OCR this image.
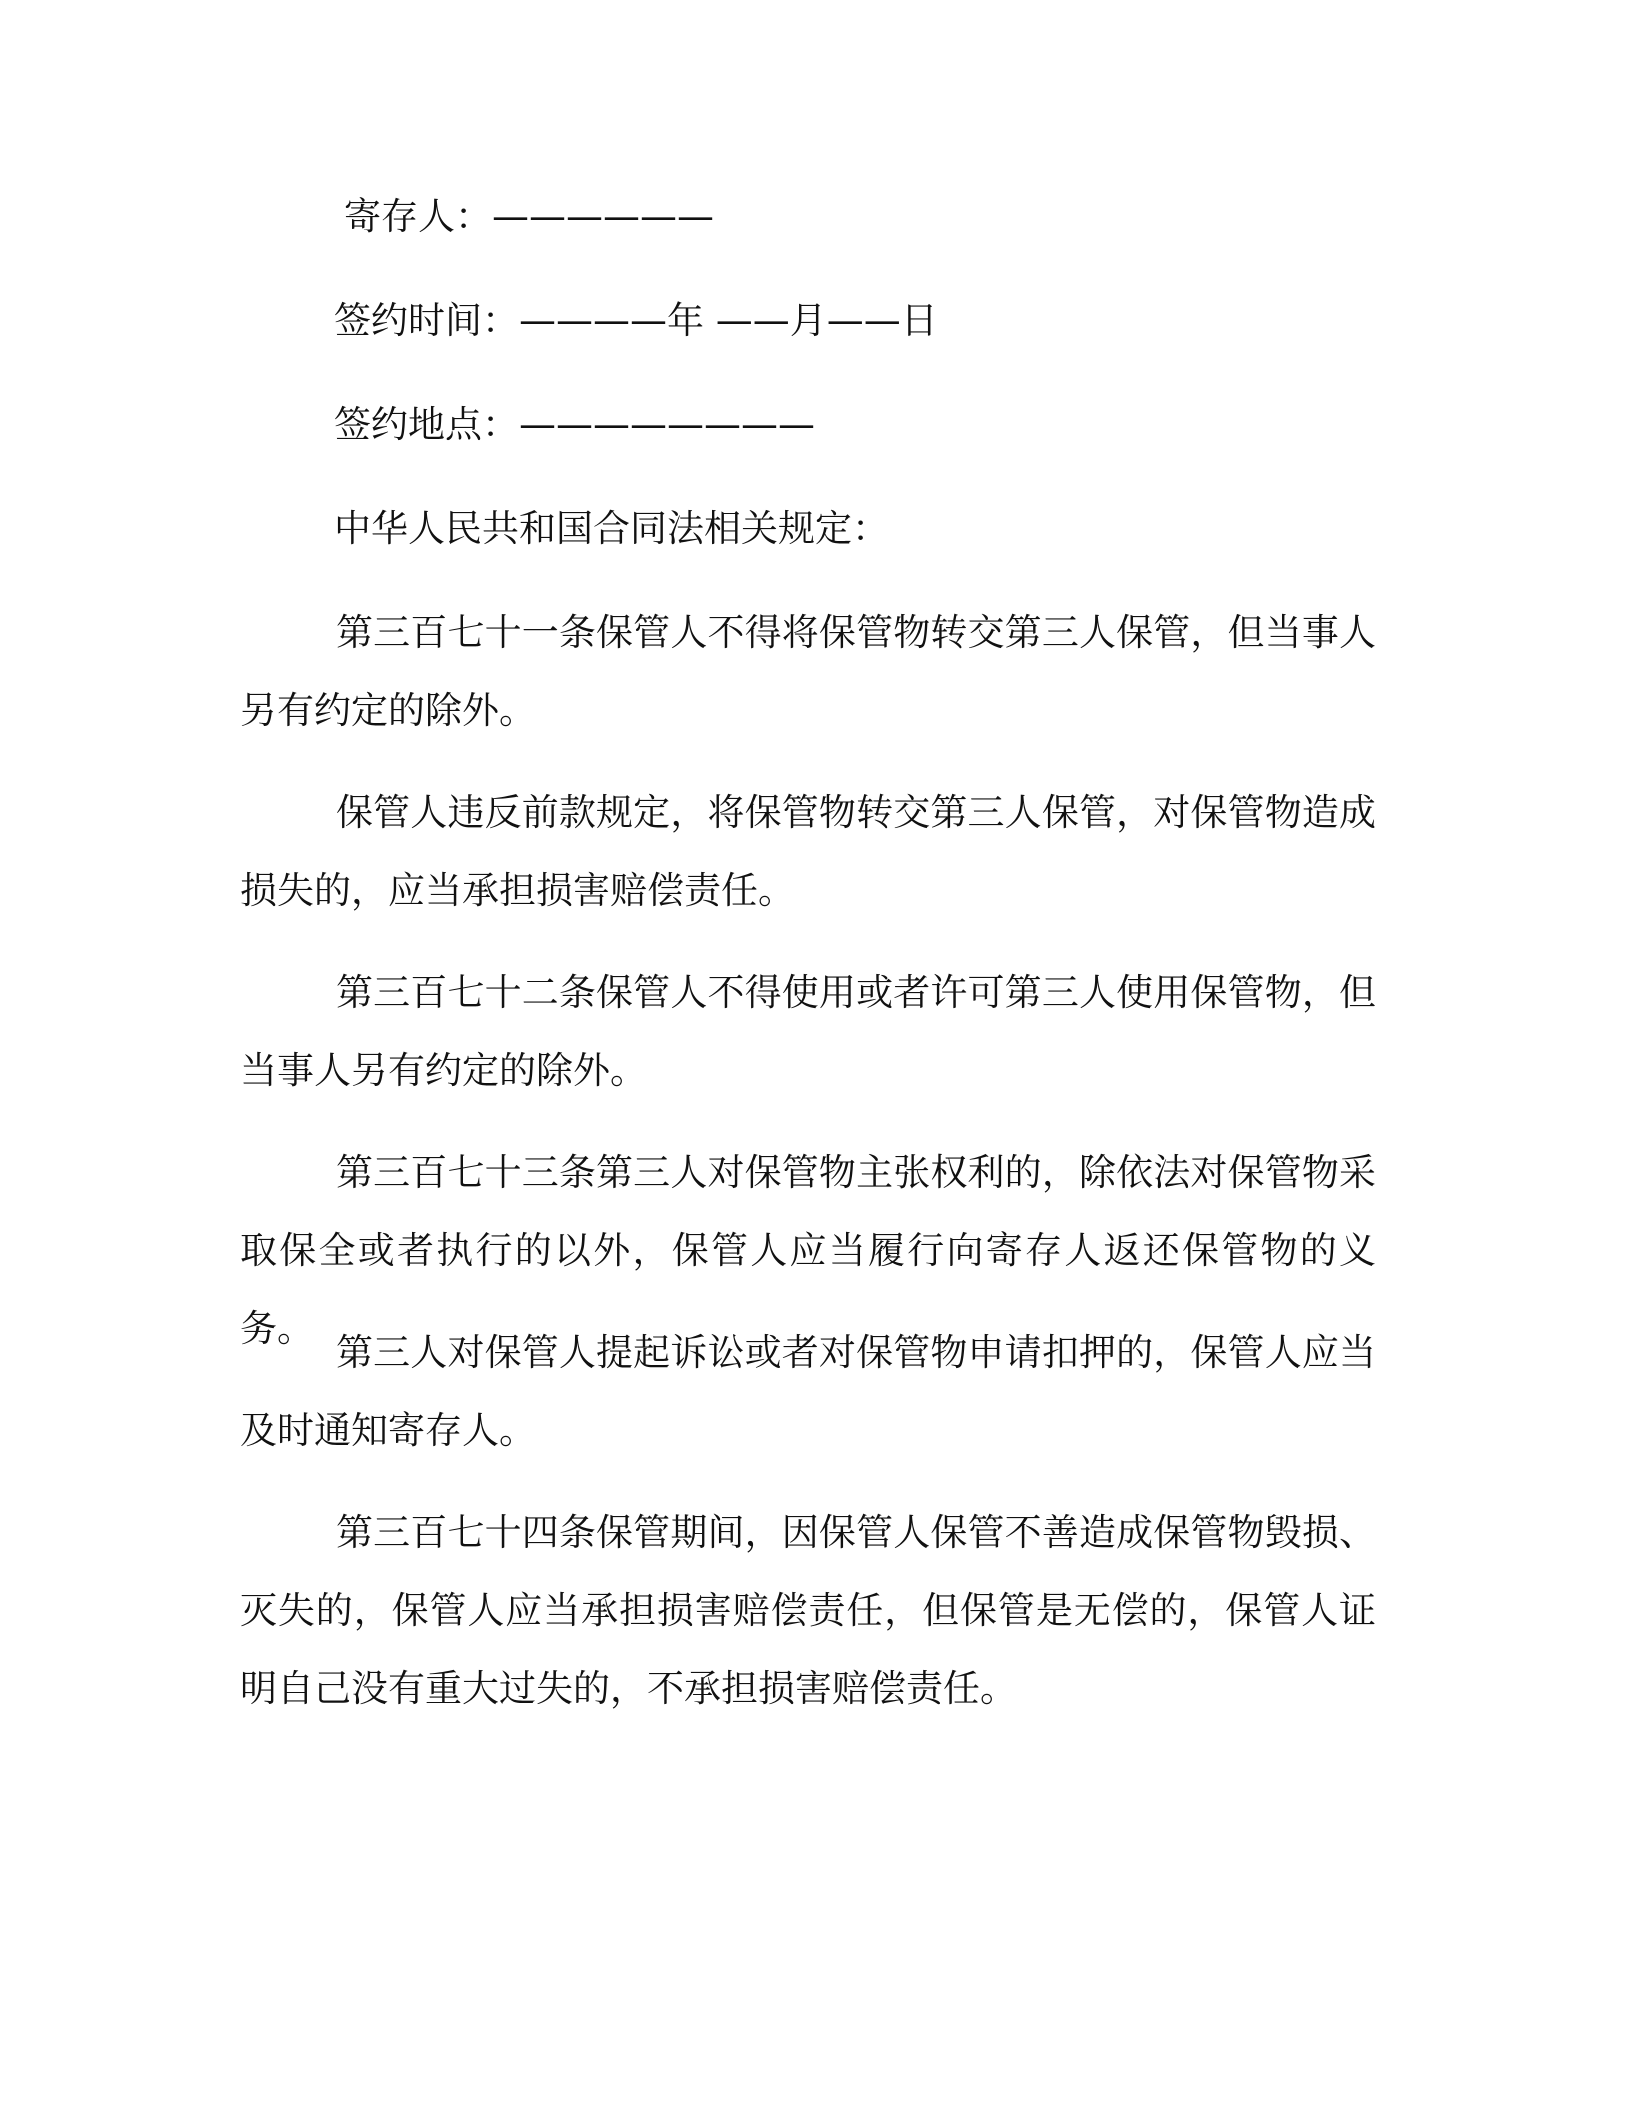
寄存人：——————
签约时间：————年 ——月——日
签约地点：————————
中华人民共和国合同法相关规定：
第三百七十一条保管人不得将保管物转交第三人保管，但当事人另有约定的除外。
保管人违反前款规定，将保管物转交第三人保管，对保管物造成损失的，应当承担损害赔偿责任。
第三百七十二条保管人不得使用或者许可第三人使用保管物，但当事人另有约定的除外。
第三百七十三条第三人对保管物主张权利的，除依法对保管物采取保全或者执行的以外，保管人应当履行向寄存人返还保管物的义务。
第三人对保管人提起诉讼或者对保管物申请扣押的，保管人应当及时通知寄存人。
第三百七十四条保管期间，因保管人保管不善造成保管物毁损、灭失的，保管人应当承担损害赔偿责任，但保管是无偿的，保管人证明自己没有重大过失的，不承担损害赔偿责任。
